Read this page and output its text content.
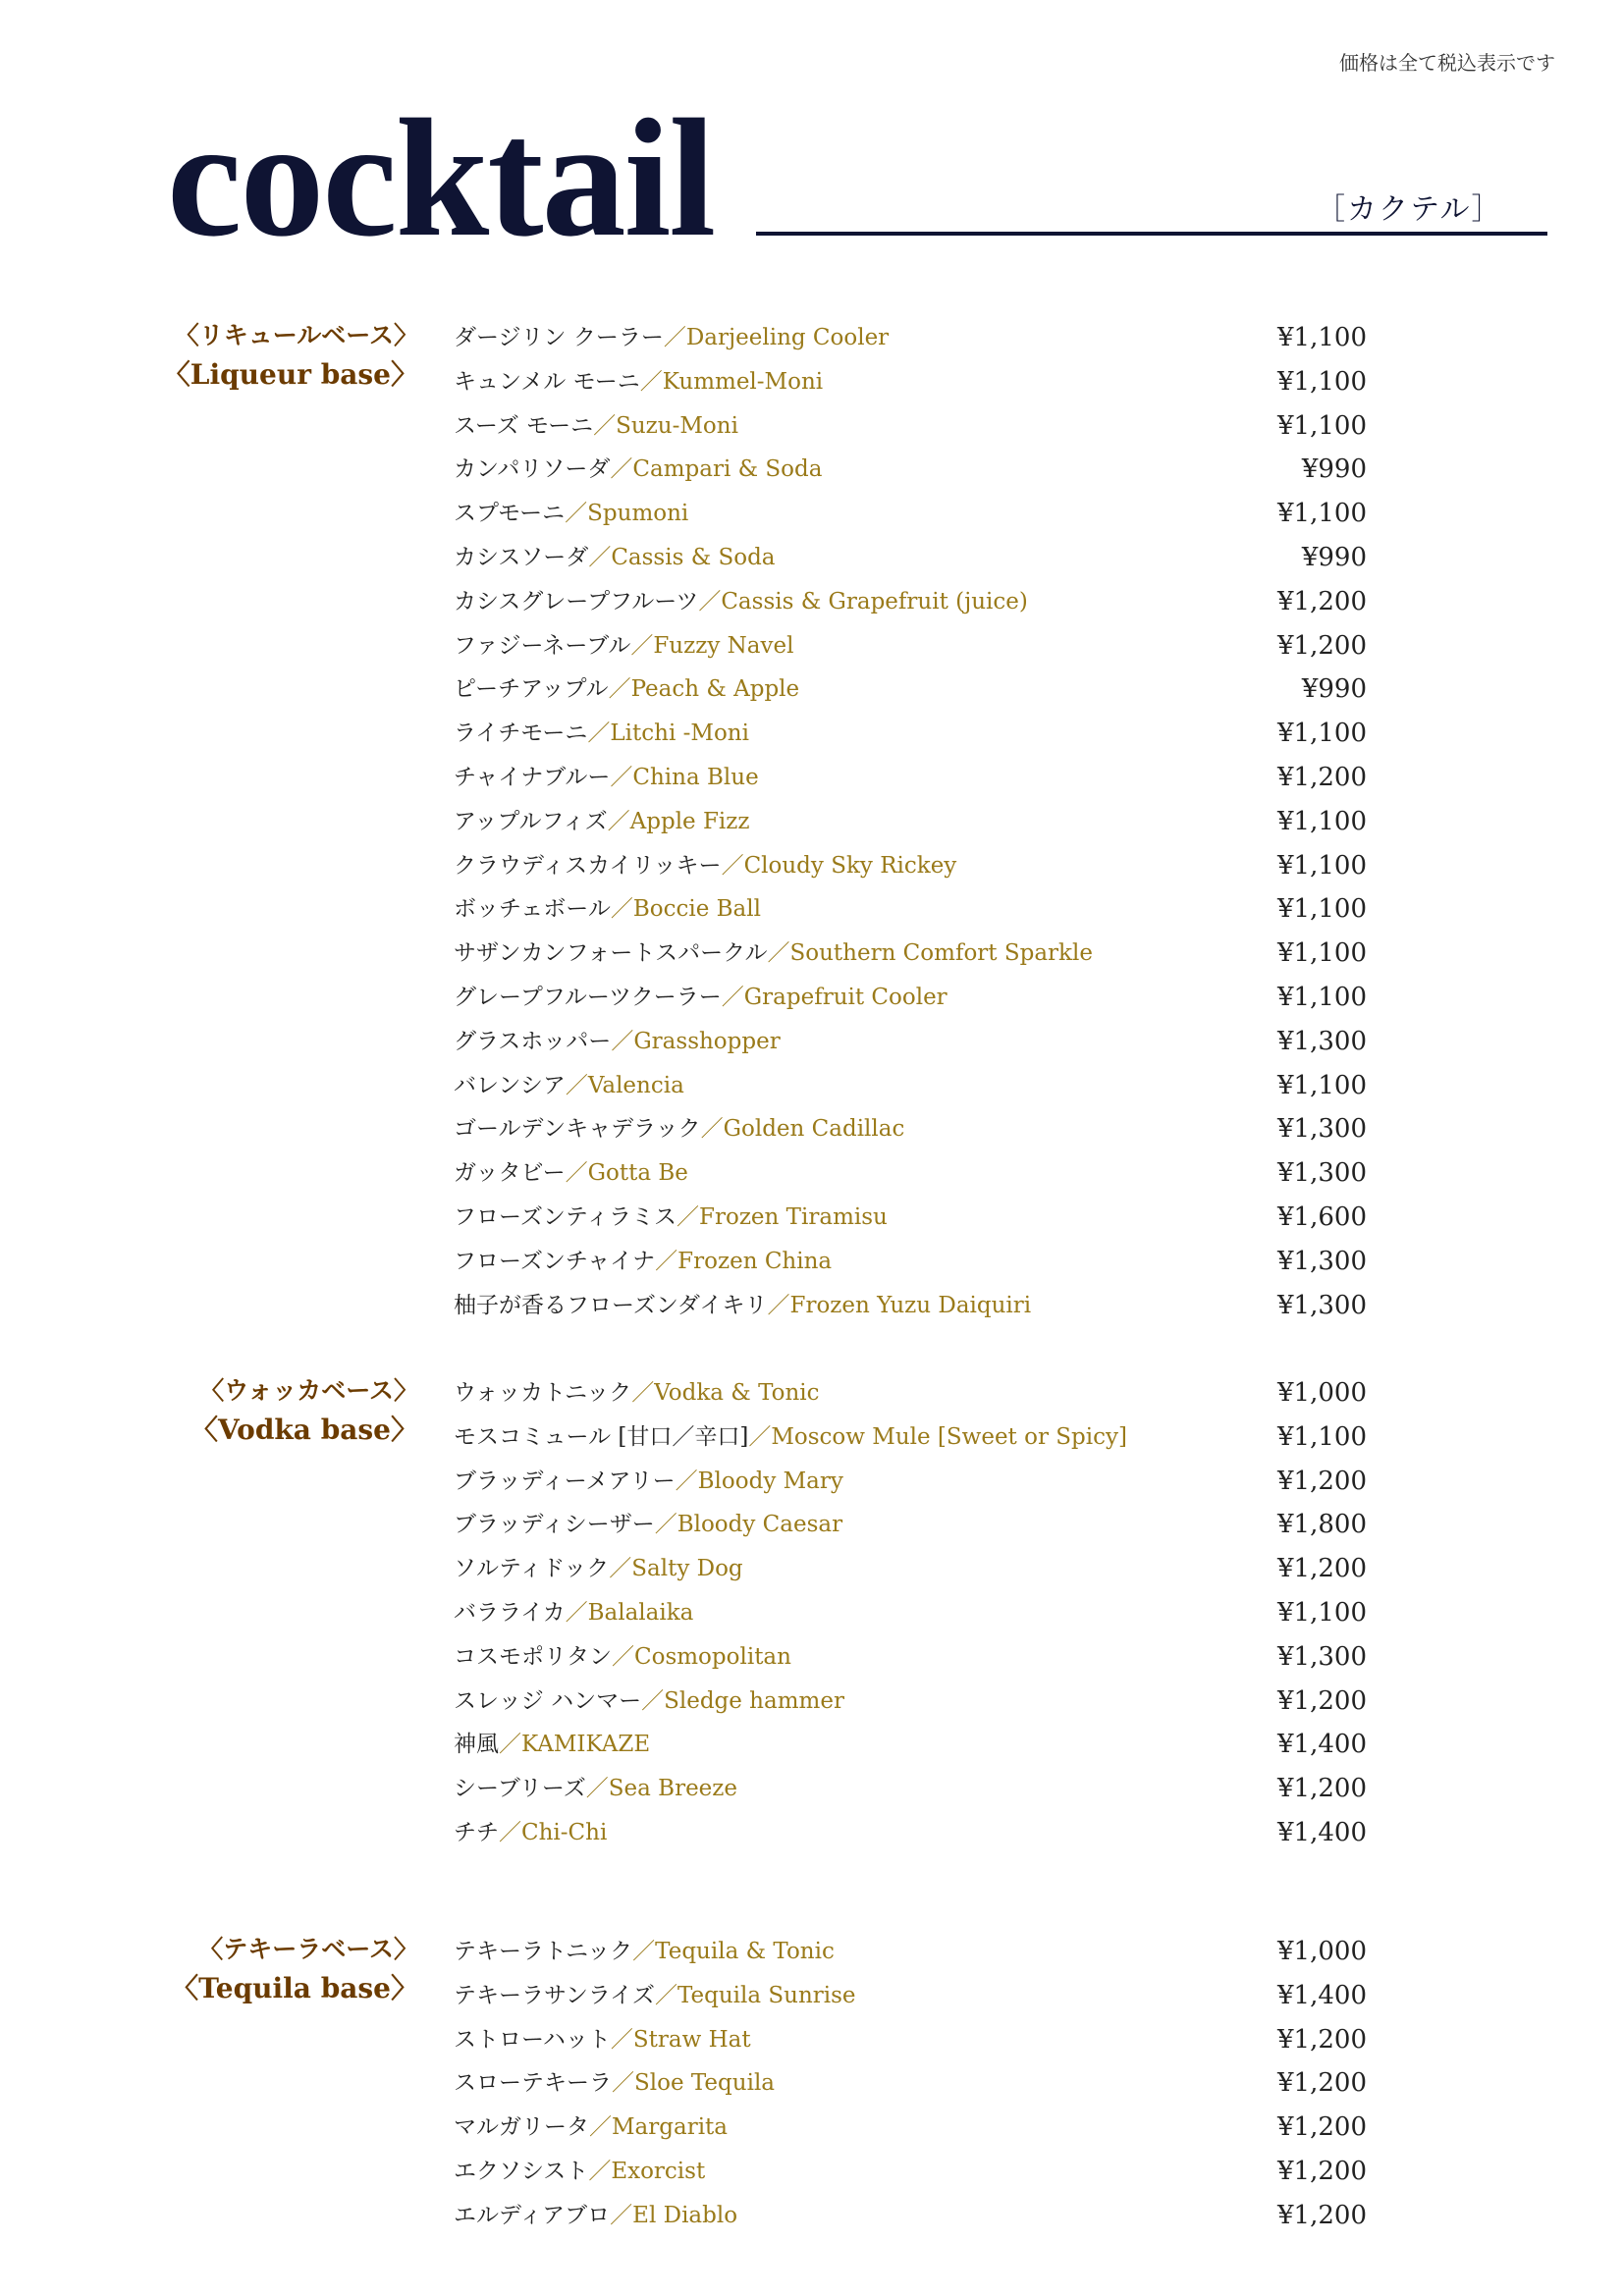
価格は全て税込表示です
cocktail	［カクテル］
〈リキュールベース〉
〈Liqueur base〉
ダージリン クーラー／Darjeeling Cooler	¥1,100
キュンメル モーニ／Kummel-Moni	¥1,100
スーズ モーニ／Suzu-Moni	¥1,100
カンパリソーダ／Campari & Soda	¥990
スプモーニ／Spumoni	¥1,100
カシスソーダ／Cassis & Soda	¥990
カシスグレープフルーツ／Cassis & Grapefruit (juice)	¥1,200
ファジーネーブル／Fuzzy Navel	¥1,200
ピーチアップル／Peach & Apple	¥990
ライチモーニ／Litchi -Moni	¥1,100
チャイナブルー／China Blue	¥1,200
アップルフィズ／Apple Fizz	¥1,100
クラウディスカイリッキー／Cloudy Sky Rickey	¥1,100
ボッチェボール／Boccie Ball	¥1,100
サザンカンフォートスパークル／Southern Comfort Sparkle	¥1,100
グレープフルーツクーラー／Grapefruit Cooler	¥1,100
グラスホッパー／Grasshopper	¥1,300
バレンシア／Valencia	¥1,100
ゴールデンキャデラック／Golden Cadillac	¥1,300
ガッタビー／Gotta Be	¥1,300
フローズンティラミス／Frozen Tiramisu	¥1,600
フローズンチャイナ／Frozen China	¥1,300
柚子が香るフローズンダイキリ／Frozen Yuzu Daiquiri	¥1,300
〈ウォッカベース〉
〈Vodka base〉
ウォッカトニック／Vodka & Tonic	¥1,000
モスコミュール [甘口／辛口]／Moscow Mule [Sweet or Spicy]	¥1,100
ブラッディーメアリー／Bloody Mary	¥1,200
ブラッディシーザー／Bloody Caesar	¥1,800
ソルティドック／Salty Dog	¥1,200
バラライカ／Balalaika	¥1,100
コスモポリタン／Cosmopolitan	¥1,300
スレッジ ハンマー／Sledge hammer	¥1,200
神風／KAMIKAZE	¥1,400
シーブリーズ／Sea Breeze	¥1,200
チチ／Chi-Chi	¥1,400
〈テキーラベース〉
〈Tequila base〉
テキーラトニック／Tequila & Tonic	¥1,000
テキーラサンライズ／Tequila Sunrise	¥1,400
ストローハット／Straw Hat	¥1,200
スローテキーラ／Sloe Tequila	¥1,200
マルガリータ／Margarita	¥1,200
エクソシスト／Exorcist	¥1,200
エルディアブロ／El Diablo	¥1,200
